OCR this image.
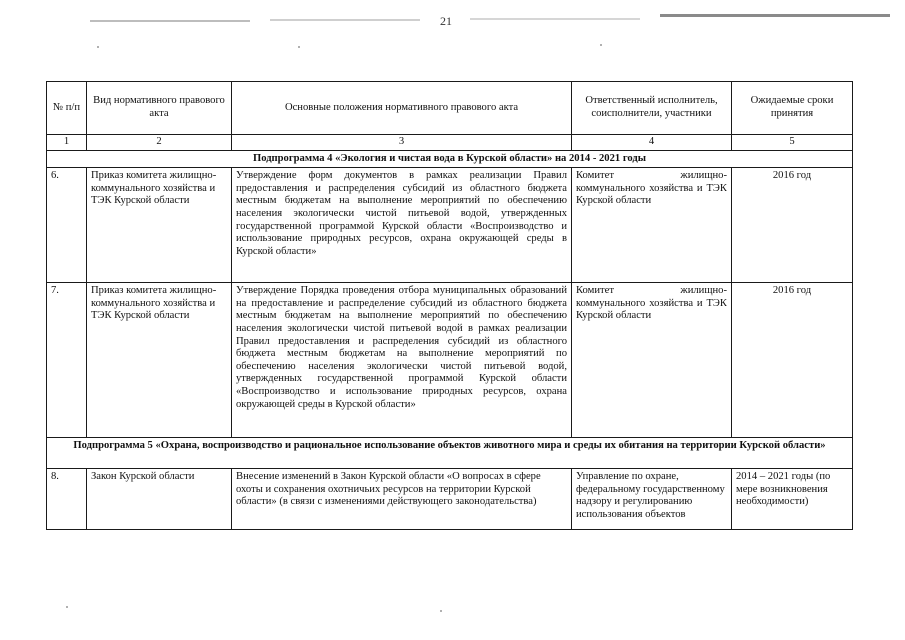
21
№ п/п	Вид нормативного правового акта	Основные положения нормативного правового акта	Ответственный исполнитель, соисполнители, участники	Ожидаемые сроки принятия
1	2	3	4	5
Подпрограмма 4 «Экология и чистая вода в Курской области» на 2014 - 2021 годы				
6.	Приказ комитета жилищно-коммунального хозяйства и ТЭК Курской области	Утверждение форм документов в рамках реализации Правил предоставления и распределения субсидий из областного бюджета местным бюджетам на выполнение мероприятий по обеспечению населения экологически чистой питьевой водой, утвержденных государственной программой Курской области «Воспроизводство и использование природных ресурсов, охрана окружающей среды в Курской области»	Комитет жилищно-коммунального хозяйства и ТЭК Курской области	2016 год
7.	Приказ комитета жилищно-коммунального хозяйства и ТЭК Курской области	Утверждение Порядка проведения отбора муниципальных образований на предоставление и распределение субсидий из областного бюджета местным бюджетам на выполнение мероприятий по обеспечению населения экологически чистой питьевой водой в рамках реализации Правил предоставления и распределения субсидий из областного бюджета местным бюджетам на выполнение мероприятий по обеспечению населения экологически чистой питьевой водой, утвержденных государственной программой Курской области «Воспроизводство и использование природных ресурсов, охрана окружающей среды в Курской области»	Комитет жилищно-коммунального хозяйства и ТЭК Курской области	2016 год
Подпрограмма 5 «Охрана, воспроизводство и рациональное использование объектов животного мира и среды их обитания на территории Курской области»				
8.	Закон Курской области	Внесение изменений в Закон Курской области «О вопросах в сфере охоты и сохранения охотничьих ресурсов на территории Курской области» (в связи с изменениями действующего законодательства)	Управление по охране, федеральному государственному надзору и регулированию использования объектов	2014 – 2021 годы (по мере возникновения необходимости)
